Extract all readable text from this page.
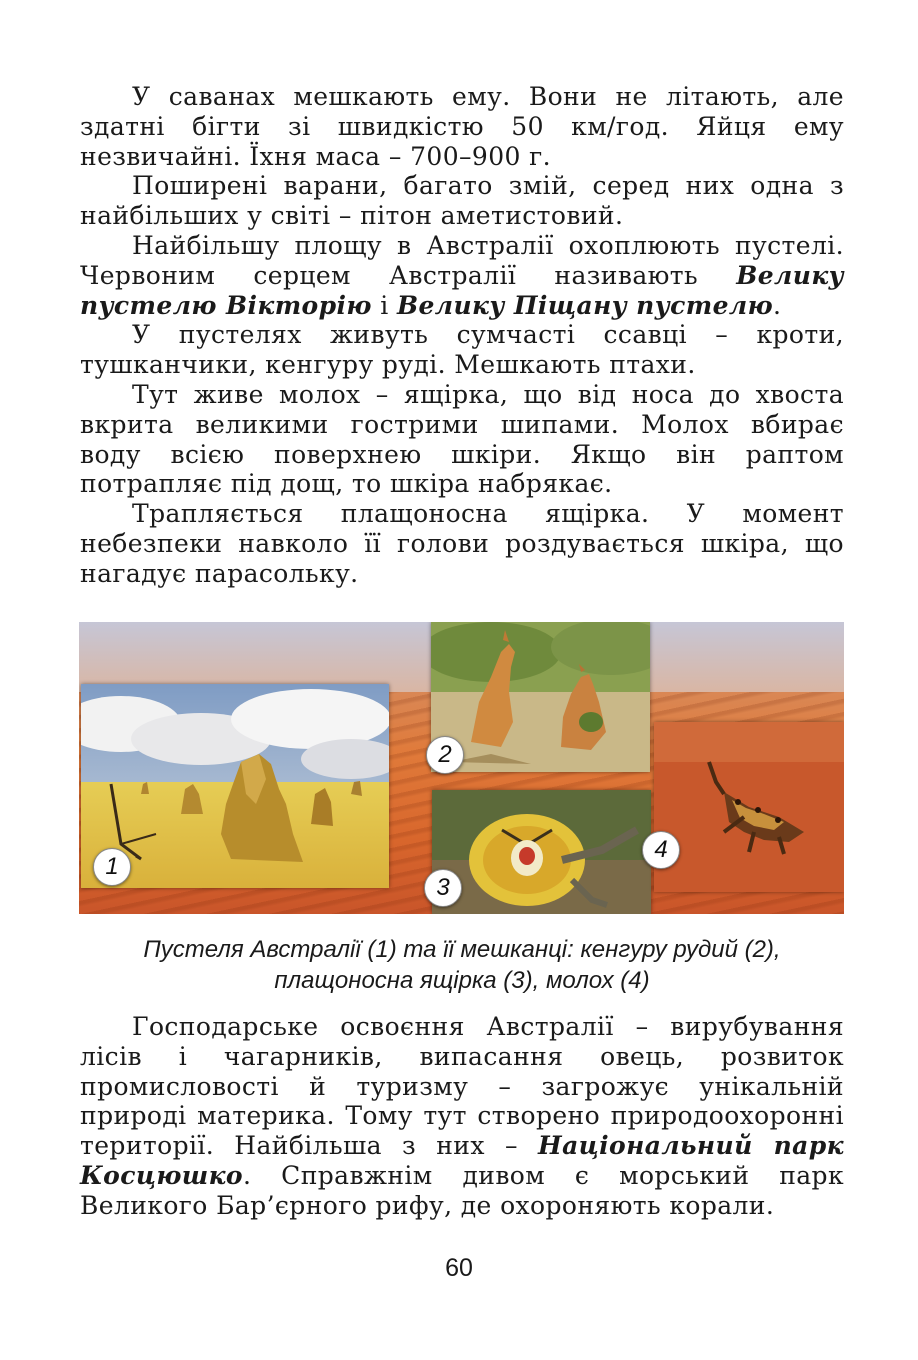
У саванах мешкають ему. Вони не літають, але здатні бігти зі швидкістю 50 км/год. Яйця ему незвичайні. Їхня маса – 700–900 г.

Поширені варани, багато змій, серед них одна з найбільших у світі – пітон аметистовий.

Найбільшу площу в Австралії охоплюють пустелі. Червоним серцем Австралії називають Велику пустелю Вікторію і Велику Піщану пустелю.

У пустелях живуть сумчасті ссавці – кроти, тушканчики, кенгуру руді. Мешкають птахи.

Тут живе молох – ящірка, що від носа до хвоста вкрита великими гострими шипами. Молох вбирає воду всією поверхнею шкіри. Якщо він раптом потрапляє під дощ, то шкіра набрякає.

Трапляється плащоносна ящірка. У момент небезпеки навколо її голови роздувається шкіра, що нагадує парасольку.

1
2
3
4
Пустеля Австралії (1) та її мешканці: кенгуру рудий (2),
плащоносна ящірка (3), молох (4)

Господарське освоєння Австралії – вирубування лісів і чагарників, випасання овець, розвиток промисловості й туризму – загрожує унікальній природі материка. Тому тут створено природоохоронні території. Найбільша з них – Національний парк Косцюшко. Справжнім дивом є морський парк Великого Бар’єрного рифу, де охороняють корали.

60
